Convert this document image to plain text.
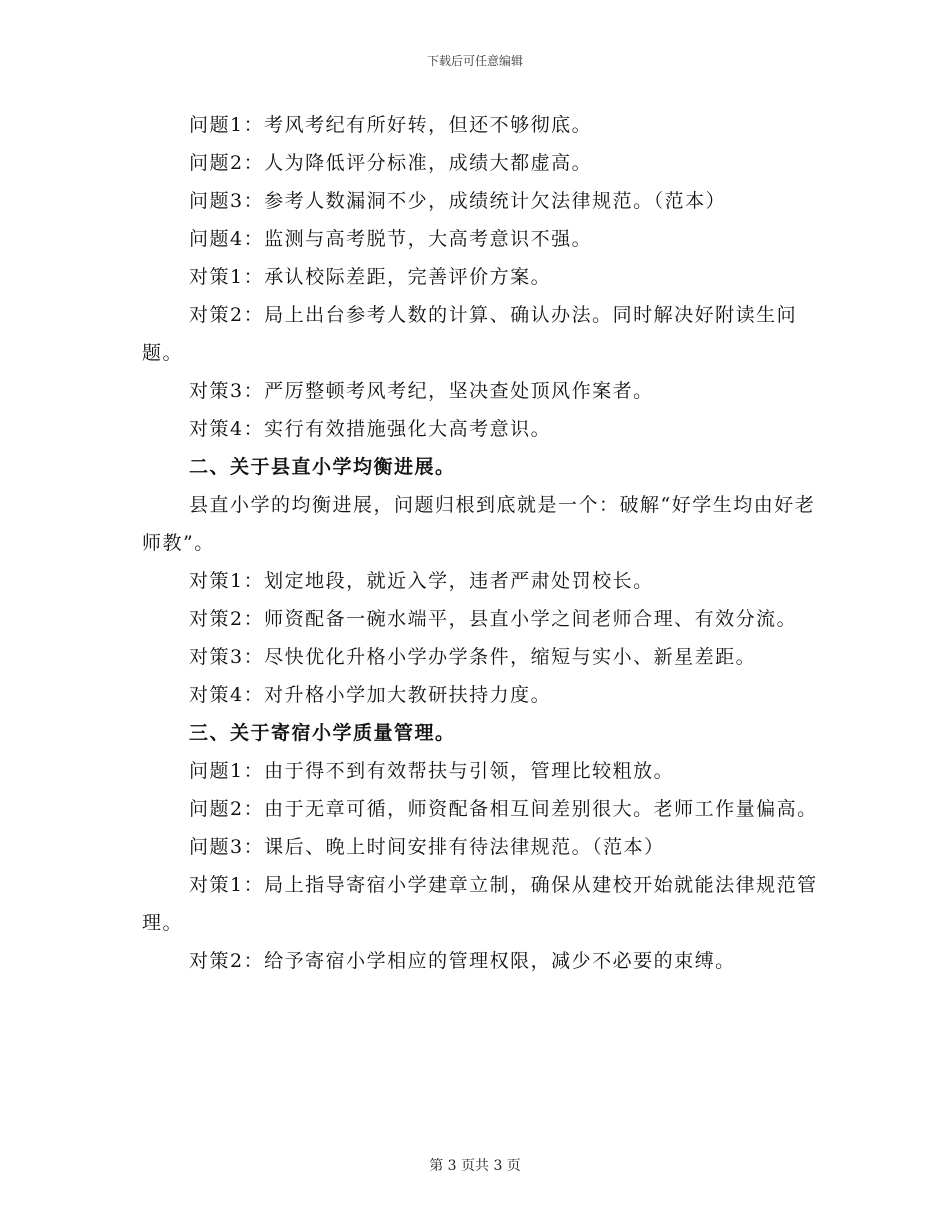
下载后可任意编辑

问题1：考风考纪有所好转，但还不够彻底。

问题2：人为降低评分标准，成绩大都虚高。

问题3：参考人数漏洞不少，成绩统计欠法律规范。（范本）

问题4：监测与高考脱节，大高考意识不强。

对策1：承认校际差距，完善评价方案。

对策2：局上出台参考人数的计算、确认办法。同时解决好附读生问题。

对策3：严厉整顿考风考纪，坚决查处顶风作案者。

对策4：实行有效措施强化大高考意识。

二、关于县直小学均衡进展。

县直小学的均衡进展，问题归根到底就是一个：破解“好学生均由好老师教”。

对策1：划定地段，就近入学，违者严肃处罚校长。

对策2：师资配备一碗水端平，县直小学之间老师合理、有效分流。

对策3：尽快优化升格小学办学条件，缩短与实小、新星差距。

对策4：对升格小学加大教研扶持力度。

三、关于寄宿小学质量管理。

问题1：由于得不到有效帮扶与引领，管理比较粗放。

问题2：由于无章可循，师资配备相互间差别很大。老师工作量偏高。

问题3：课后、晚上时间安排有待法律规范。（范本）

对策1：局上指导寄宿小学建章立制，确保从建校开始就能法律规范管理。

对策2：给予寄宿小学相应的管理权限，减少不必要的束缚。

第 3 页共 3 页
